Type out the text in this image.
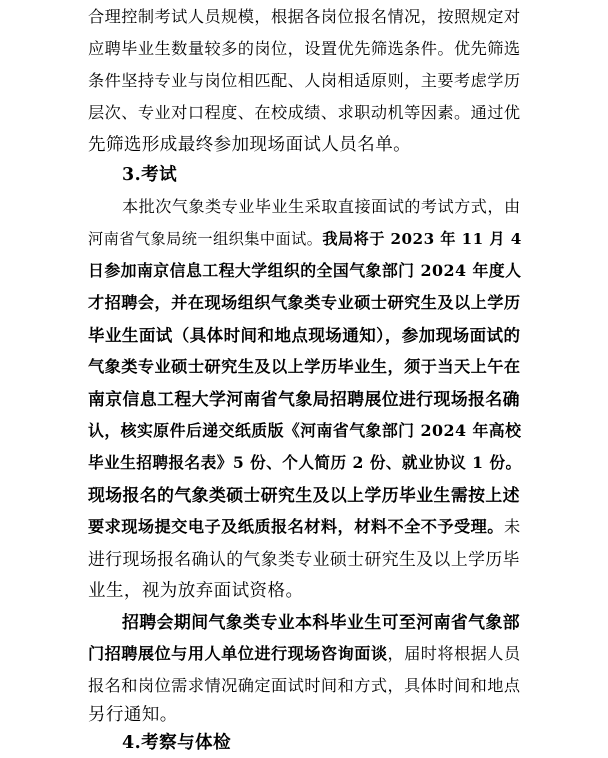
合理控制考试人员规模，根据各岗位报名情况，按照规定对
应聘毕业生数量较多的岗位，设置优先筛选条件。优先筛选
条件坚持专业与岗位相匹配、人岗相适原则，主要考虑学历
层次、专业对口程度、在校成绩、求职动机等因素。通过优
先筛选形成最终参加现场面试人员名单。
3.考试
本批次气象类专业毕业生采取直接面试的考试方式，由
河南省气象局统一组织集中面试。我局将于 2023 年 11 月 4
日参加南京信息工程大学组织的全国气象部门 2024 年度人
才招聘会，并在现场组织气象类专业硕士研究生及以上学历
毕业生面试（具体时间和地点现场通知），参加现场面试的
气象类专业硕士研究生及以上学历毕业生，须于当天上午在
南京信息工程大学河南省气象局招聘展位进行现场报名确
认，核实原件后递交纸质版《河南省气象部门 2024 年高校
毕业生招聘报名表》5 份、个人简历 2 份、就业协议 1 份。
现场报名的气象类硕士研究生及以上学历毕业生需按上述
要求现场提交电子及纸质报名材料，材料不全不予受理。未
进行现场报名确认的气象类专业硕士研究生及以上学历毕
业生，视为放弃面试资格。
招聘会期间气象类专业本科毕业生可至河南省气象部
门招聘展位与用人单位进行现场咨询面谈，届时将根据人员
报名和岗位需求情况确定面试时间和方式，具体时间和地点
另行通知。
4.考察与体检
